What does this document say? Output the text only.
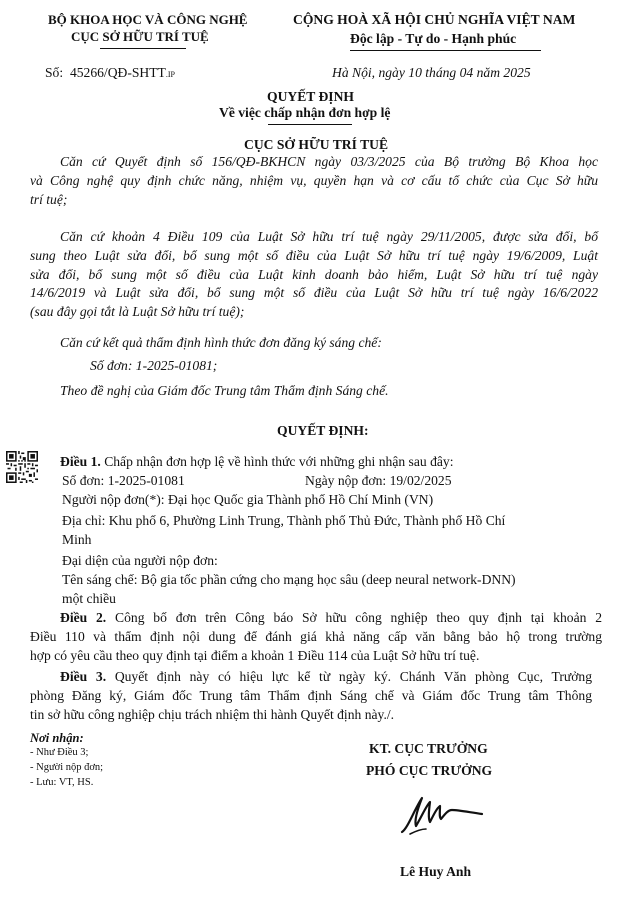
BỘ KHOA HỌC VÀ CÔNG NGHỆ
CỤC SỞ HỮU TRÍ TUỆ
CỘNG HOÀ XÃ HỘI CHỦ NGHĨA VIỆT NAM
Độc lập - Tự do - Hạnh phúc
Số: 45266/QĐ-SHTT.IP	Hà Nội, ngày 10 tháng 04 năm 2025
QUYẾT ĐỊNH
Về việc chấp nhận đơn hợp lệ
CỤC SỞ HỮU TRÍ TUỆ
Căn cứ Quyết định số 156/QĐ-BKHCN ngày 03/3/2025 của Bộ trưởng Bộ Khoa học
và Công nghệ quy định chức năng, nhiệm vụ, quyền hạn và cơ cấu tổ chức của Cục Sở hữu
trí tuệ;
Căn cứ khoản 4 Điều 109 của Luật Sở hữu trí tuệ ngày 29/11/2005, được sửa đổi, bổ
sung theo Luật sửa đổi, bổ sung một số điều của Luật Sở hữu trí tuệ ngày 19/6/2009, Luật
sửa đổi, bổ sung một số điều của Luật kinh doanh bảo hiểm, Luật Sở hữu trí tuệ ngày
14/6/2019 và Luật sửa đổi, bổ sung một số điều của Luật Sở hữu trí tuệ ngày 16/6/2022
(sau đây gọi tắt là Luật Sở hữu trí tuệ);
Căn cứ kết quả thẩm định hình thức đơn đăng ký sáng chế:
Số đơn: 1-2025-01081;
Theo đề nghị của Giám đốc Trung tâm Thẩm định Sáng chế.
QUYẾT ĐỊNH:
Điều 1. Chấp nhận đơn hợp lệ về hình thức với những ghi nhận sau đây:
Số đơn: 1-2025-01081	Ngày nộp đơn: 19/02/2025
Người nộp đơn(*): Đại học Quốc gia Thành phố Hồ Chí Minh (VN)
Địa chỉ: Khu phố 6, Phường Linh Trung, Thành phố Thủ Đức, Thành phố Hồ Chí
Minh
Đại diện của người nộp đơn:
Tên sáng chế: Bộ gia tốc phần cứng cho mạng học sâu (deep neural network-DNN)
một chiều
Điều 2. Công bố đơn trên Công báo Sở hữu công nghiệp theo quy định tại khoản 2
Điều 110 và thẩm định nội dung để đánh giá khả năng cấp văn bằng bảo hộ trong trường
hợp có yêu cầu theo quy định tại điểm a khoản 1 Điều 114 của Luật Sở hữu trí tuệ.
Điều 3. Quyết định này có hiệu lực kể từ ngày ký. Chánh Văn phòng Cục, Trưởng
phòng Đăng ký, Giám đốc Trung tâm Thẩm định Sáng chế và Giám đốc Trung tâm Thông
tin sở hữu công nghiệp chịu trách nhiệm thi hành Quyết định này./.
Nơi nhận:
- Như Điều 3;
- Người nộp đơn;
- Lưu: VT, HS.
KT. CỤC TRƯỞNG
PHÓ CỤC TRƯỞNG
Lê Huy Anh
